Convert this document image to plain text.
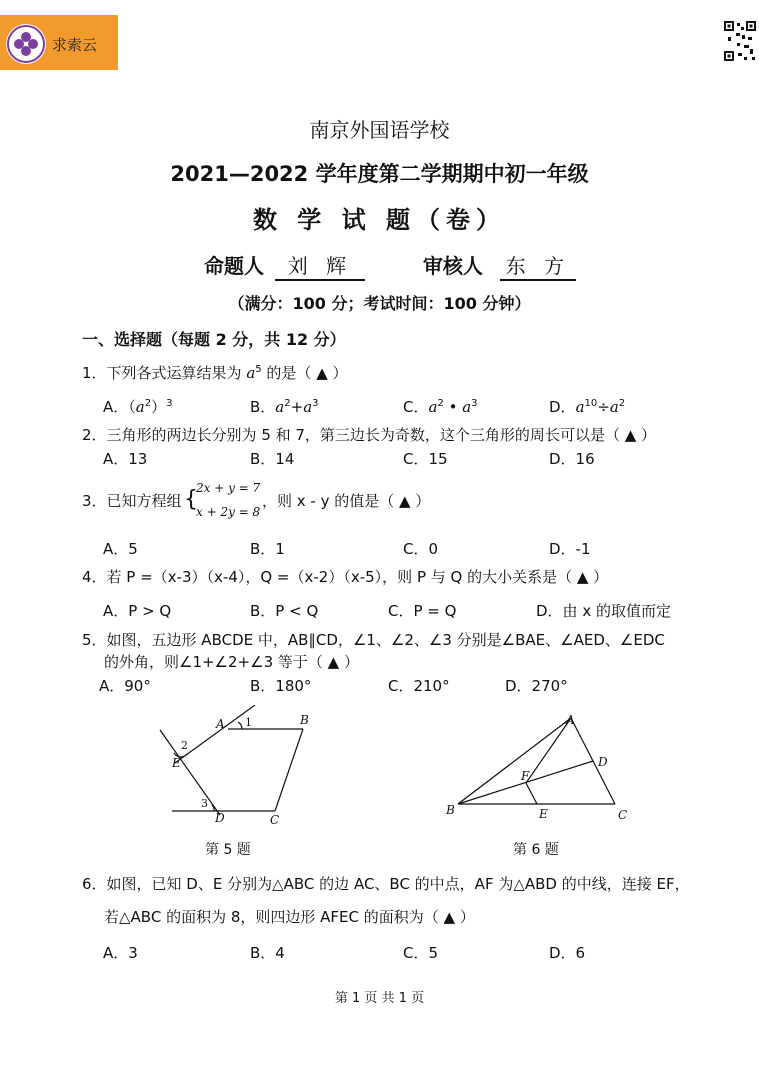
求索云
南京外国语学校
2021—2022 学年度第二学期期中初一年级
数 学 试 题（卷）
命题人 刘 辉	审核人 东 方
（满分：100 分；考试时间：100 分钟）
一、选择题（每题 2 分，共 12 分）
1．下列各式运算结果为 $a^5$ 的是（ ▲ ）
A．$(a^2)^3$	B．$a^2+a^3$	C．$a^2$ • $a^3$	D．$a^{10}\div a^2$
2．三角形的两边长分别为 5 和 7，第三边长为奇数，这个三角形的周长可以是（ ▲ ）
A．13	B．14	C．15	D．16
3．已知方程组 {
2x + y = 7
x + 2y = 8
，则 x - y 的值是（ ▲ ）
A．5	B．1	C．0	D．-1
4．若 P =（x-3）（x-4），Q =（x-2）（x-5），则 P 与 Q 的大小关系是（ ▲ ）
A．P > Q	B．P < Q	C．P = Q	D．由 x 的取值而定
5．如图，五边形 ABCDE 中，AB∥CD，∠1、∠2、∠3 分别是∠BAE、∠AED、∠EDC
的外角，则∠1+∠2+∠3 等于（ ▲ ）
A．90°	B．180°	C．210°	D．270°
A	B
C
D
E
1
2
3
第 5 题
A
B	C
D
E
F
第 6 题
6．如图，已知 D、E 分别为△ABC 的边 AC、BC 的中点，AF 为△ABD 的中线，连接 EF，
若△ABC 的面积为 8，则四边形 AFEC 的面积为（ ▲ ）
A．3	B．4	C．5	D．6
第 1 页 共 1 页
